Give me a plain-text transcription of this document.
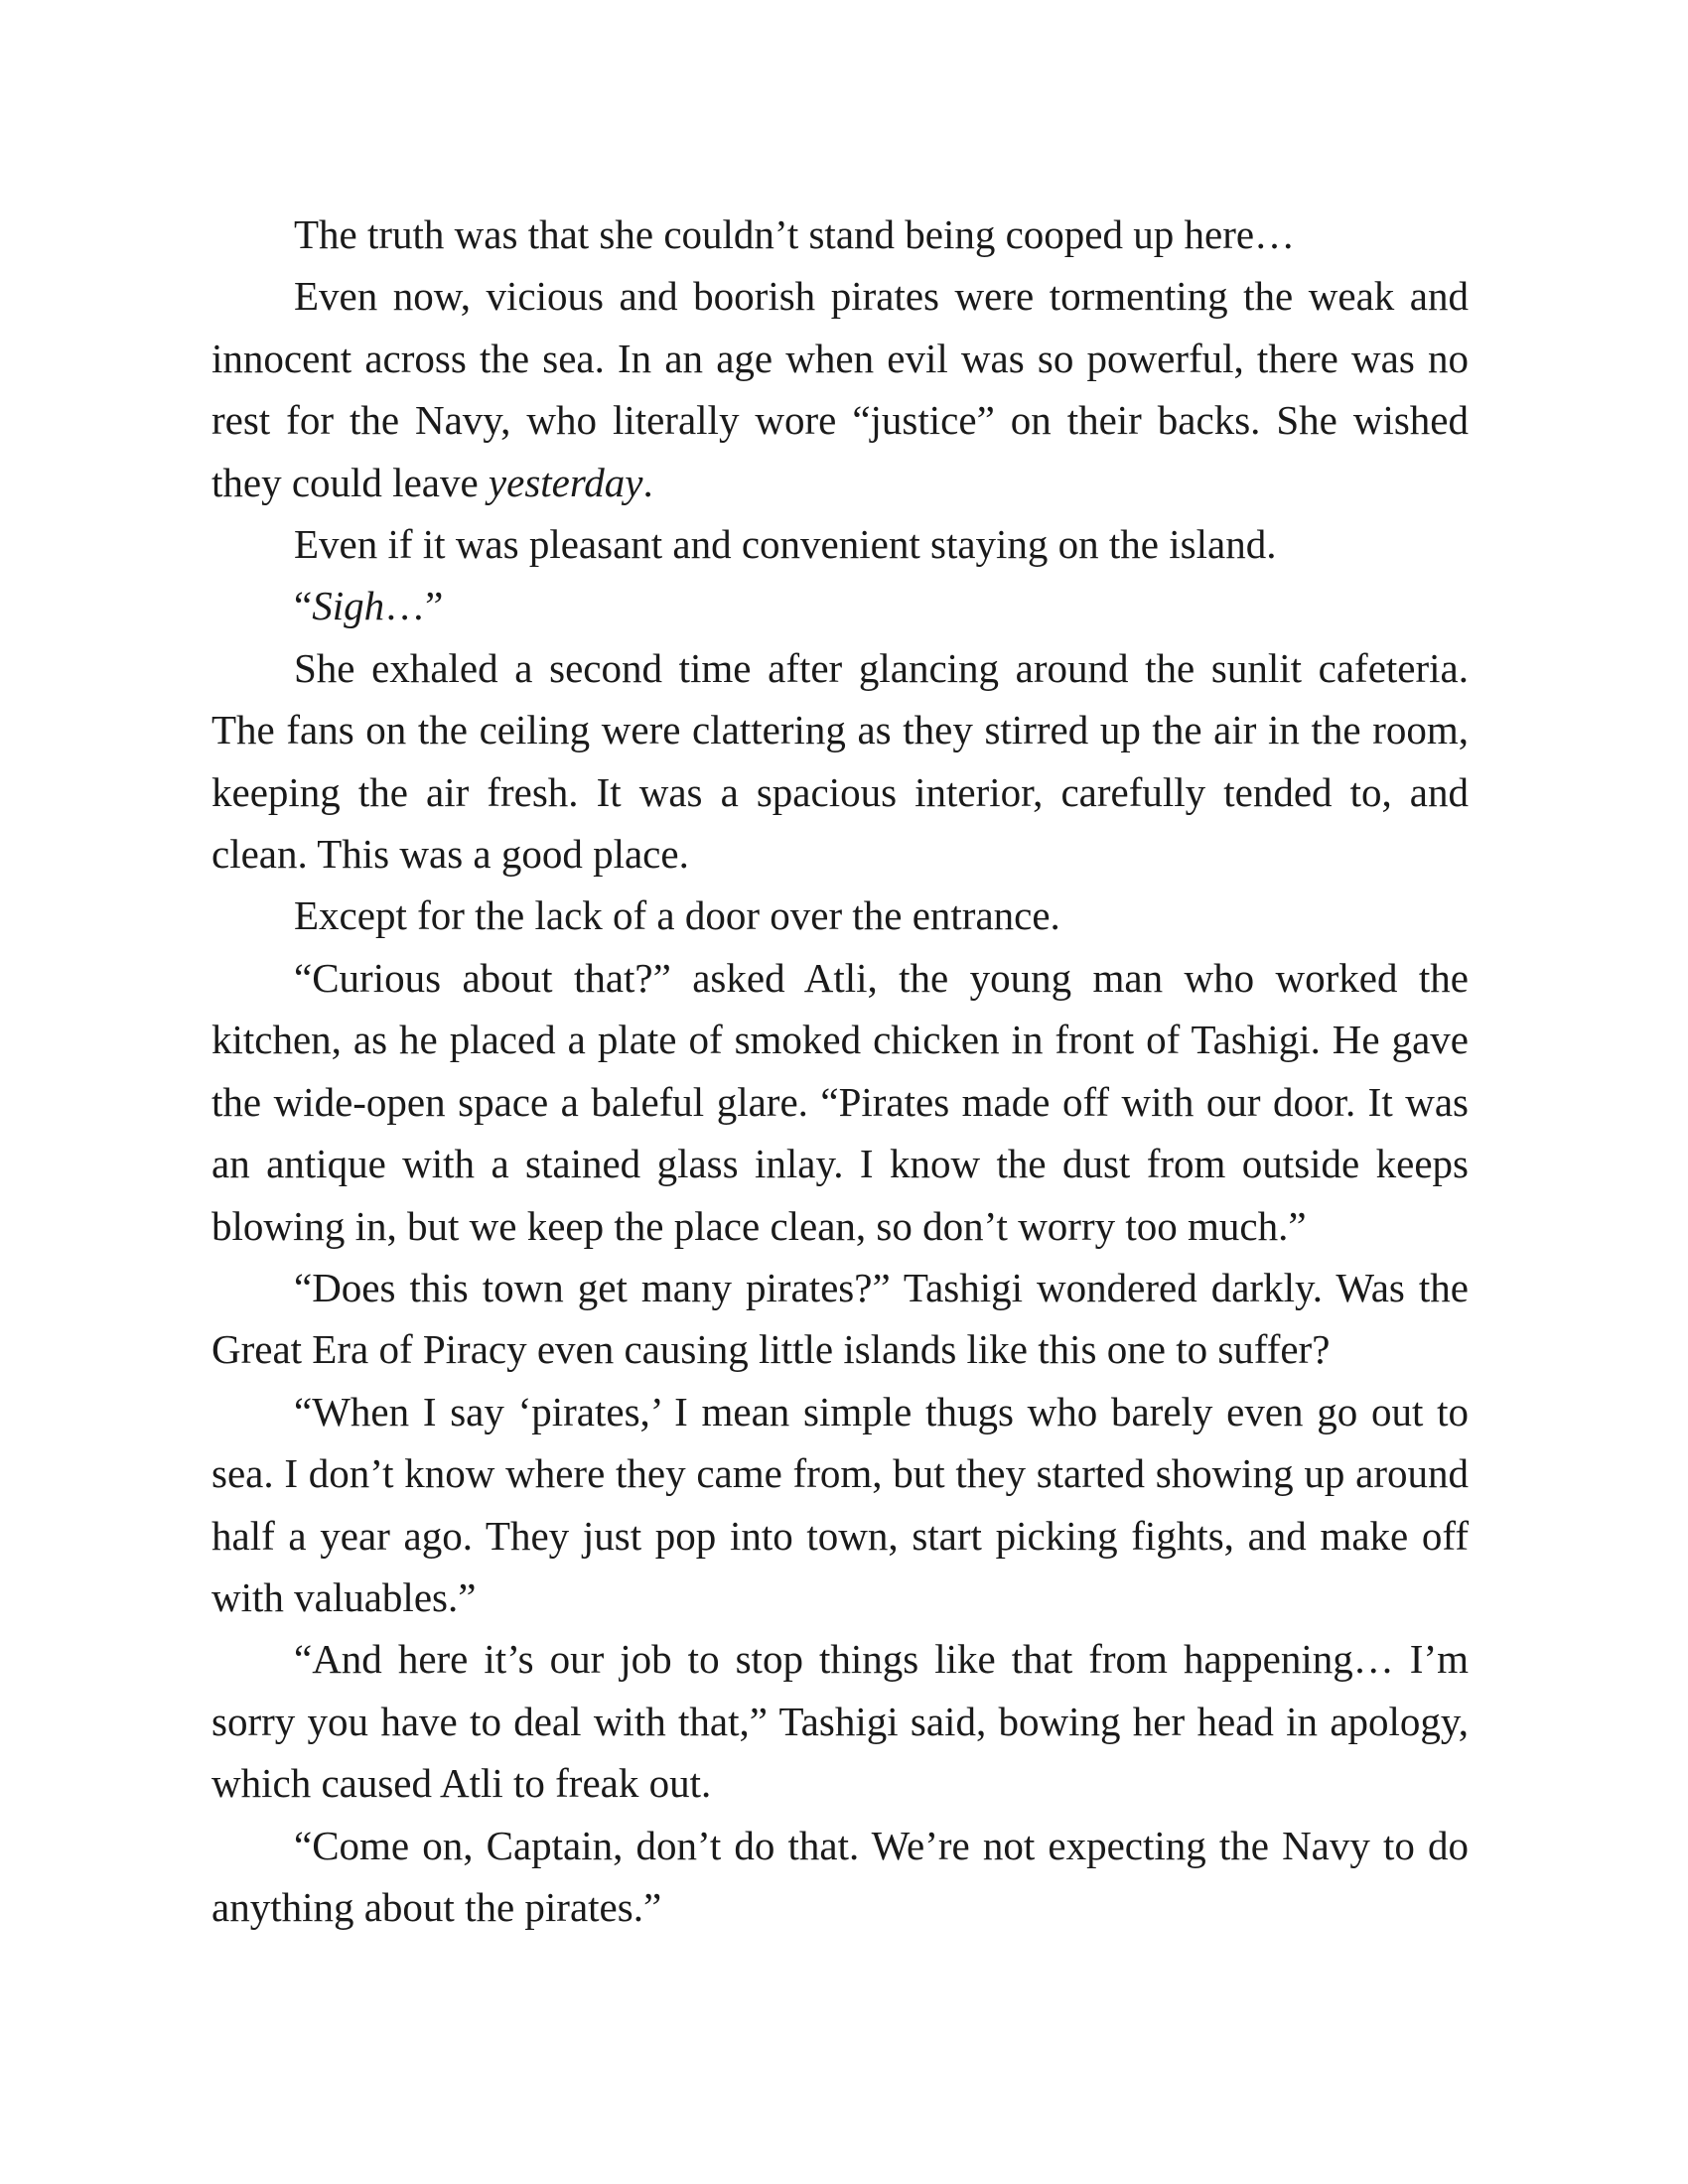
The truth was that she couldn’t stand being cooped up here…

Even now, vicious and boorish pirates were tormenting the weak and innocent across the sea. In an age when evil was so powerful, there was no rest for the Navy, who literally wore “justice” on their backs. She wished they could leave yesterday.

Even if it was pleasant and convenient staying on the island.

“Sigh…”

She exhaled a second time after glancing around the sunlit cafeteria. The fans on the ceiling were clattering as they stirred up the air in the room, keeping the air fresh. It was a spacious interior, carefully tended to, and clean. This was a good place.

Except for the lack of a door over the entrance.

“Curious about that?” asked Atli, the young man who worked the kitchen, as he placed a plate of smoked chicken in front of Tashigi. He gave the wide-open space a baleful glare. “Pirates made off with our door. It was an antique with a stained glass inlay. I know the dust from outside keeps blowing in, but we keep the place clean, so don’t worry too much.”

“Does this town get many pirates?” Tashigi wondered darkly. Was the Great Era of Piracy even causing little islands like this one to suffer?

“When I say ‘pirates,’ I mean simple thugs who barely even go out to sea. I don’t know where they came from, but they started showing up around half a year ago. They just pop into town, start picking fights, and make off with valuables.”

“And here it’s our job to stop things like that from happening… I’m sorry you have to deal with that,” Tashigi said, bowing her head in apology, which caused Atli to freak out.

“Come on, Captain, don’t do that. We’re not expecting the Navy to do anything about the pirates.”
